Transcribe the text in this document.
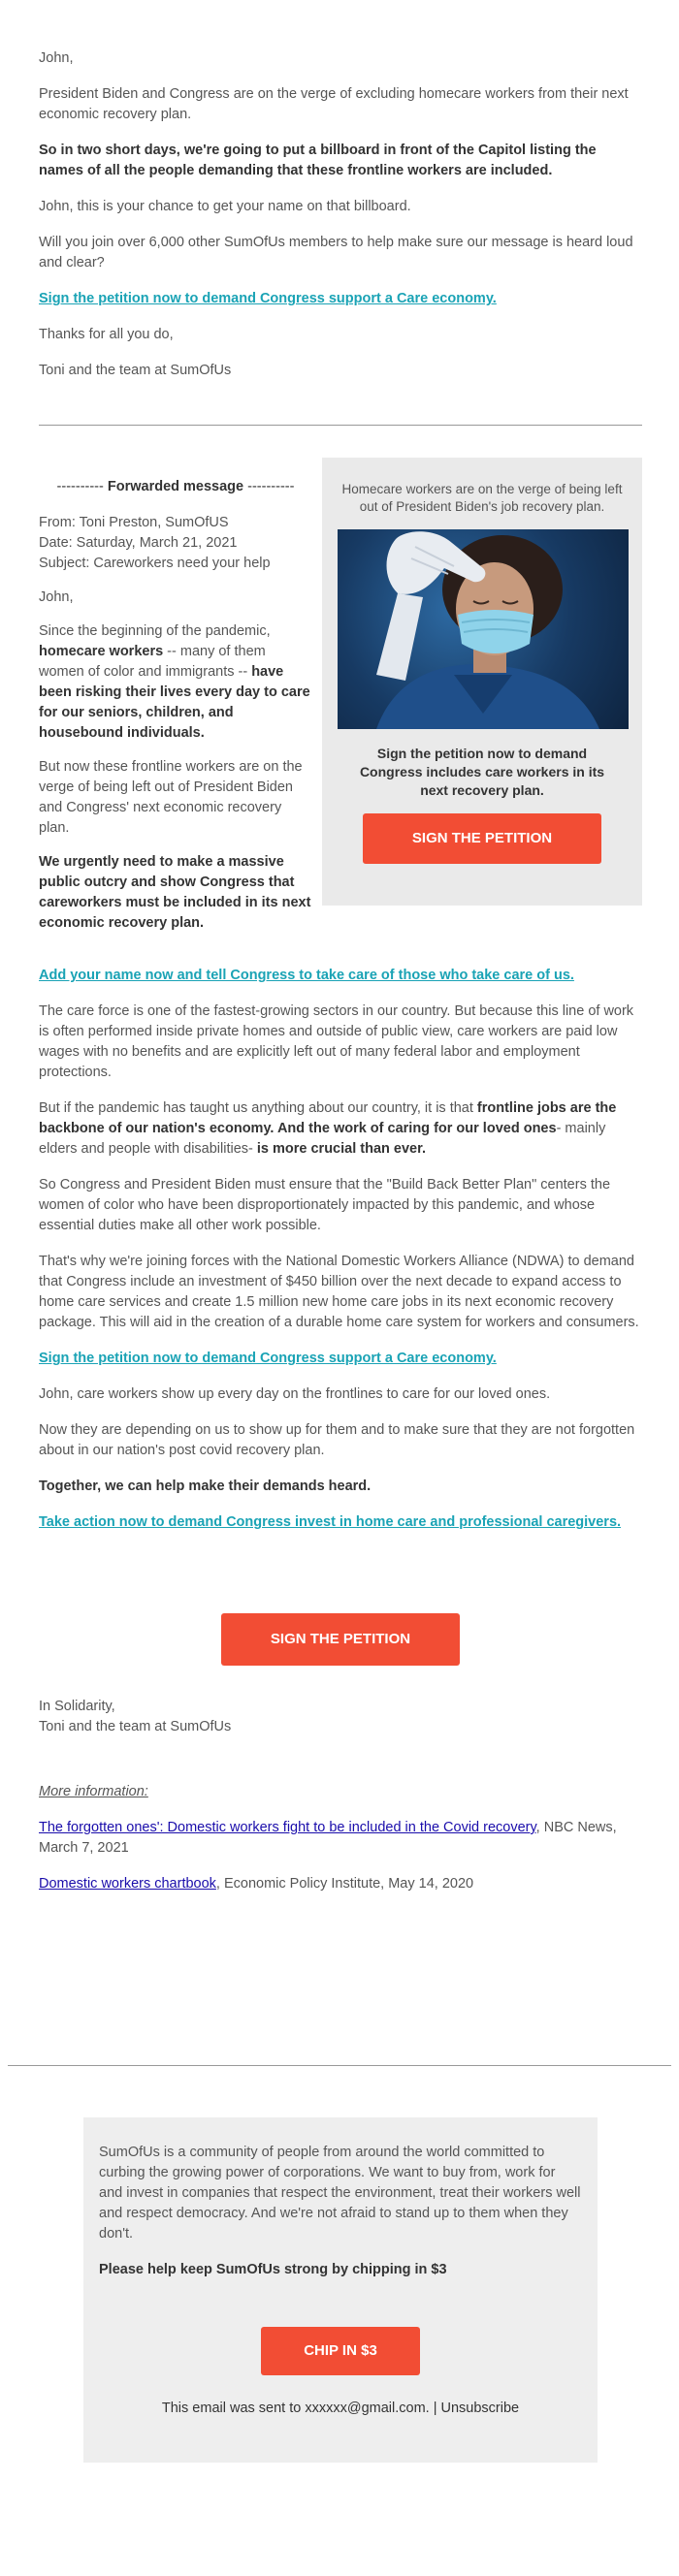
John,

President Biden and Congress are on the verge of excluding homecare workers from their next economic recovery plan.

So in two short days, we're going to put a billboard in front of the Capitol listing the names of all the people demanding that these frontline workers are included.

John, this is your chance to get your name on that billboard.

Will you join over 6,000 other SumOfUs members to help make sure our message is heard loud and clear?

Sign the petition now to demand Congress support a Care economy.

Thanks for all you do,

Toni and the team at SumOfUs

---------- Forwarded message ----------
From: Toni Preston, SumOfUS
Date: Saturday, March 21, 2021
Subject: Careworkers need your help

John,

Since the beginning of the pandemic, homecare workers -- many of them women of color and immigrants -- have been risking their lives every day to care for our seniors, children, and housebound individuals.

But now these frontline workers are on the verge of being left out of President Biden and Congress' next economic recovery plan.

We urgently need to make a massive public outcry and show Congress that careworkers must be included in its next economic recovery plan.

Homecare workers are on the verge of being left out of President Biden's job recovery plan.

Sign the petition now to demand Congress includes care workers in its next recovery plan.

SIGN THE PETITION

Add your name now and tell Congress to take care of those who take care of us.

The care force is one of the fastest-growing sectors in our country. But because this line of work is often performed inside private homes and outside of public view, care workers are paid low wages with no benefits and are explicitly left out of many federal labor and employment protections.

But if the pandemic has taught us anything about our country, it is that frontline jobs are the backbone of our nation's economy. And the work of caring for our loved ones- mainly elders and people with disabilities- is more crucial than ever.

So Congress and President Biden must ensure that the "Build Back Better Plan" centers the women of color who have been disproportionately impacted by this pandemic, and whose essential duties make all other work possible.

That's why we're joining forces with the National Domestic Workers Alliance (NDWA) to demand that Congress include an investment of $450 billion over the next decade to expand access to home care services and create 1.5 million new home care jobs in its next economic recovery package. This will aid in the creation of a durable home care system for workers and consumers.

Sign the petition now to demand Congress support a Care economy.

John, care workers show up every day on the frontlines to care for our loved ones.

Now they are depending on us to show up for them and to make sure that they are not forgotten about in our nation's post covid recovery plan.

Together, we can help make their demands heard.

Take action now to demand Congress invest in home care and professional caregivers.

SIGN THE PETITION
In Solidarity,
Toni and the team at SumOfUs

More information:

The forgotten ones': Domestic workers fight to be included in the Covid recovery, NBC News, March 7, 2021

Domestic workers chartbook, Economic Policy Institute, May 14, 2020

SumOfUs is a community of people from around the world committed to curbing the growing power of corporations. We want to buy from, work for and invest in companies that respect the environment, treat their workers well and respect democracy. And we're not afraid to stand up to them when they don't.

Please help keep SumOfUs strong by chipping in $3

CHIP IN $3
This email was sent to xxxxxx@gmail.com. | Unsubscribe
